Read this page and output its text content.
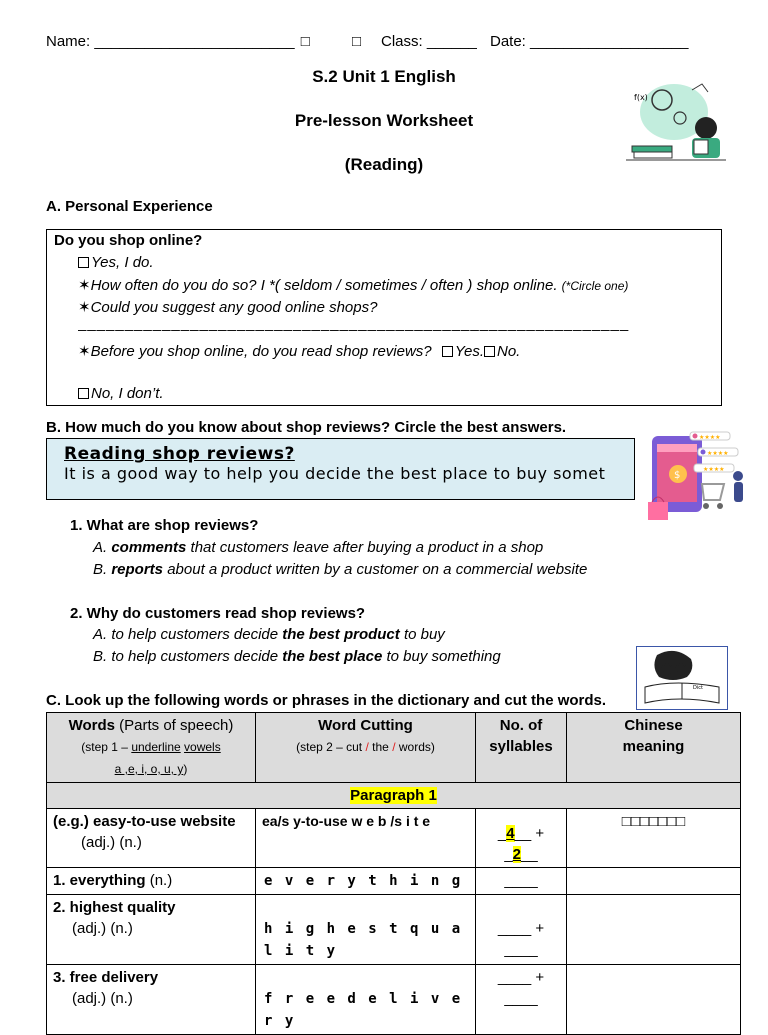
Name: ________________________ □	□ Class: ______ Date: ___________________
S.2 Unit 1 English
Pre-lesson Worksheet
(Reading)
f(x)
A. Personal Experience
Do you shop online?
Yes, I do.
✶How often do you do so? I *( seldom / sometimes / often ) shop online. (*Circle one)
✶Could you suggest any good online shops?
___________________________________________________________
✶Before you shop online, do you read shop reviews? Yes. No.
No, I don’t.
B. How much do you know about shop reviews? Circle the best answers.
Reading shop reviews?
It is a good way to help you decide the best place to buy somet	$
★★★★
★★★★
★★★★
1. What are shop reviews?
A. comments that customers leave after buying a product in a shop
B. reports about a product written by a customer on a commercial website
2. Why do customers read shop reviews?
A. to help customers decide the best product to buy
B. to help customers decide the best place to buy something
Dict
C. Look up the following words or phrases in the dictionary and cut the words.
Words (Parts of speech)
(step 1 – underline vowels
a ,e, i, o, u, y)	Word Cutting
(step 2 – cut / the / words)	No. of syllables	Chinese meaning
Paragraph 1			
(e.g.) easy-to-use website
(adj.) (n.)	ea/s y-to-use w e b /s i t e	_4__ + _2__	□□□□□□□
1. everything (n.)	e v e r y t h i n g	____	
2. highest quality
(adj.) (n.)	h i g h e s t q u a l i t y	____ + ____	
3. free delivery
(adj.) (n.)	f r e e d e l i v e r y	____ + ____	
